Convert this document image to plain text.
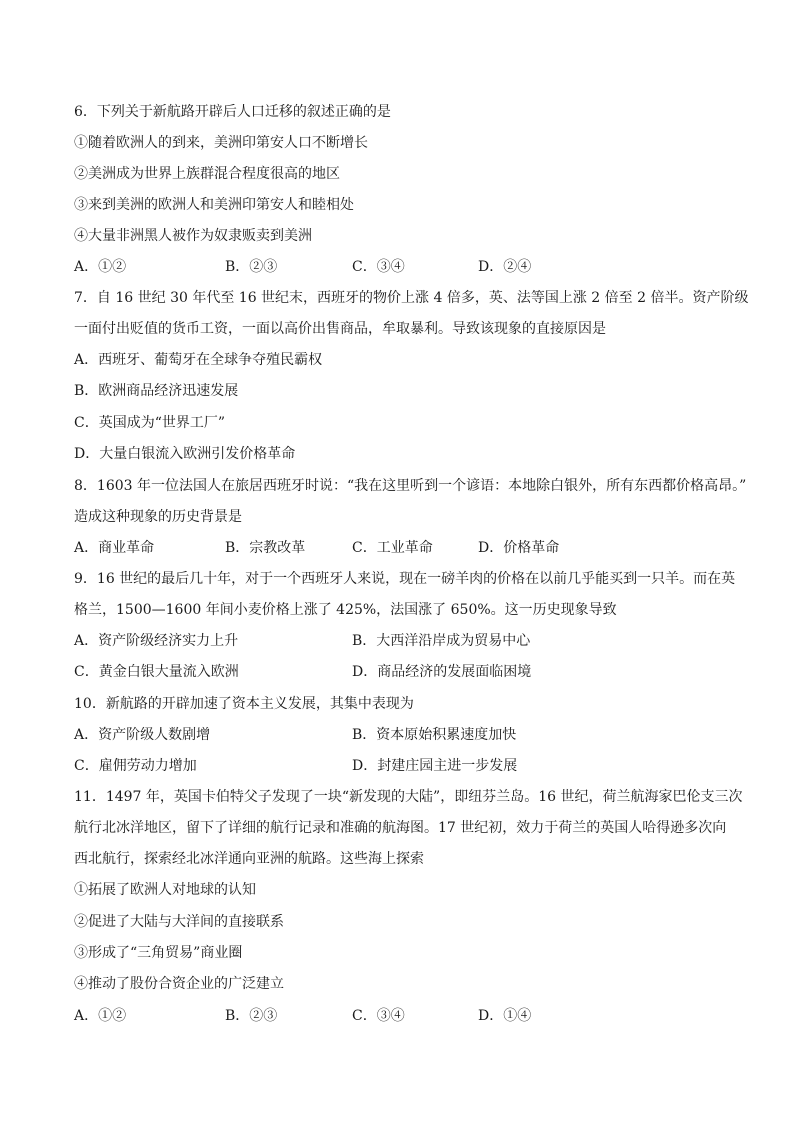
6．下列关于新航路开辟后人口迁移的叙述正确的是
①随着欧洲人的到来，美洲印第安人口不断增长
②美洲成为世界上族群混合程度很高的地区
③来到美洲的欧洲人和美洲印第安人和睦相处
④大量非洲黑人被作为奴隶贩卖到美洲
A．①②	B．②③	C．③④	D．②④
7．自 16 世纪 30 年代至 16 世纪末，西班牙的物价上涨 4 倍多，英、法等国上涨 2 倍至 2 倍半。资产阶级
一面付出贬值的货币工资，一面以高价出售商品，牟取暴利。导致该现象的直接原因是
A．西班牙、葡萄牙在全球争夺殖民霸权
B．欧洲商品经济迅速发展
C．英国成为“世界工厂”
D．大量白银流入欧洲引发价格革命
8．1603 年一位法国人在旅居西班牙时说：“我在这里听到一个谚语：本地除白银外，所有东西都价格高昂。”
造成这种现象的历史背景是
A．商业革命	B．宗教改革	C．工业革命	D．价格革命
9．16 世纪的最后几十年，对于一个西班牙人来说，现在一磅羊肉的价格在以前几乎能买到一只羊。而在英
格兰，1500—1600 年间小麦价格上涨了 425%，法国涨了 650%。这一历史现象导致
A．资产阶级经济实力上升	B．大西洋沿岸成为贸易中心
C．黄金白银大量流入欧洲	D．商品经济的发展面临困境
10．新航路的开辟加速了资本主义发展，其集中表现为
A．资产阶级人数剧增	B．资本原始积累速度加快
C．雇佣劳动力增加	D．封建庄园主进一步发展
11．1497 年，英国卡伯特父子发现了一块“新发现的大陆”，即纽芬兰岛。16 世纪，荷兰航海家巴伦支三次
航行北冰洋地区，留下了详细的航行记录和准确的航海图。17 世纪初，效力于荷兰的英国人哈得逊多次向
西北航行，探索经北冰洋通向亚洲的航路。这些海上探索
①拓展了欧洲人对地球的认知
②促进了大陆与大洋间的直接联系
③形成了“三角贸易”商业圈
④推动了股份合资企业的广泛建立
A．①②	B．②③	C．③④	D．①④
